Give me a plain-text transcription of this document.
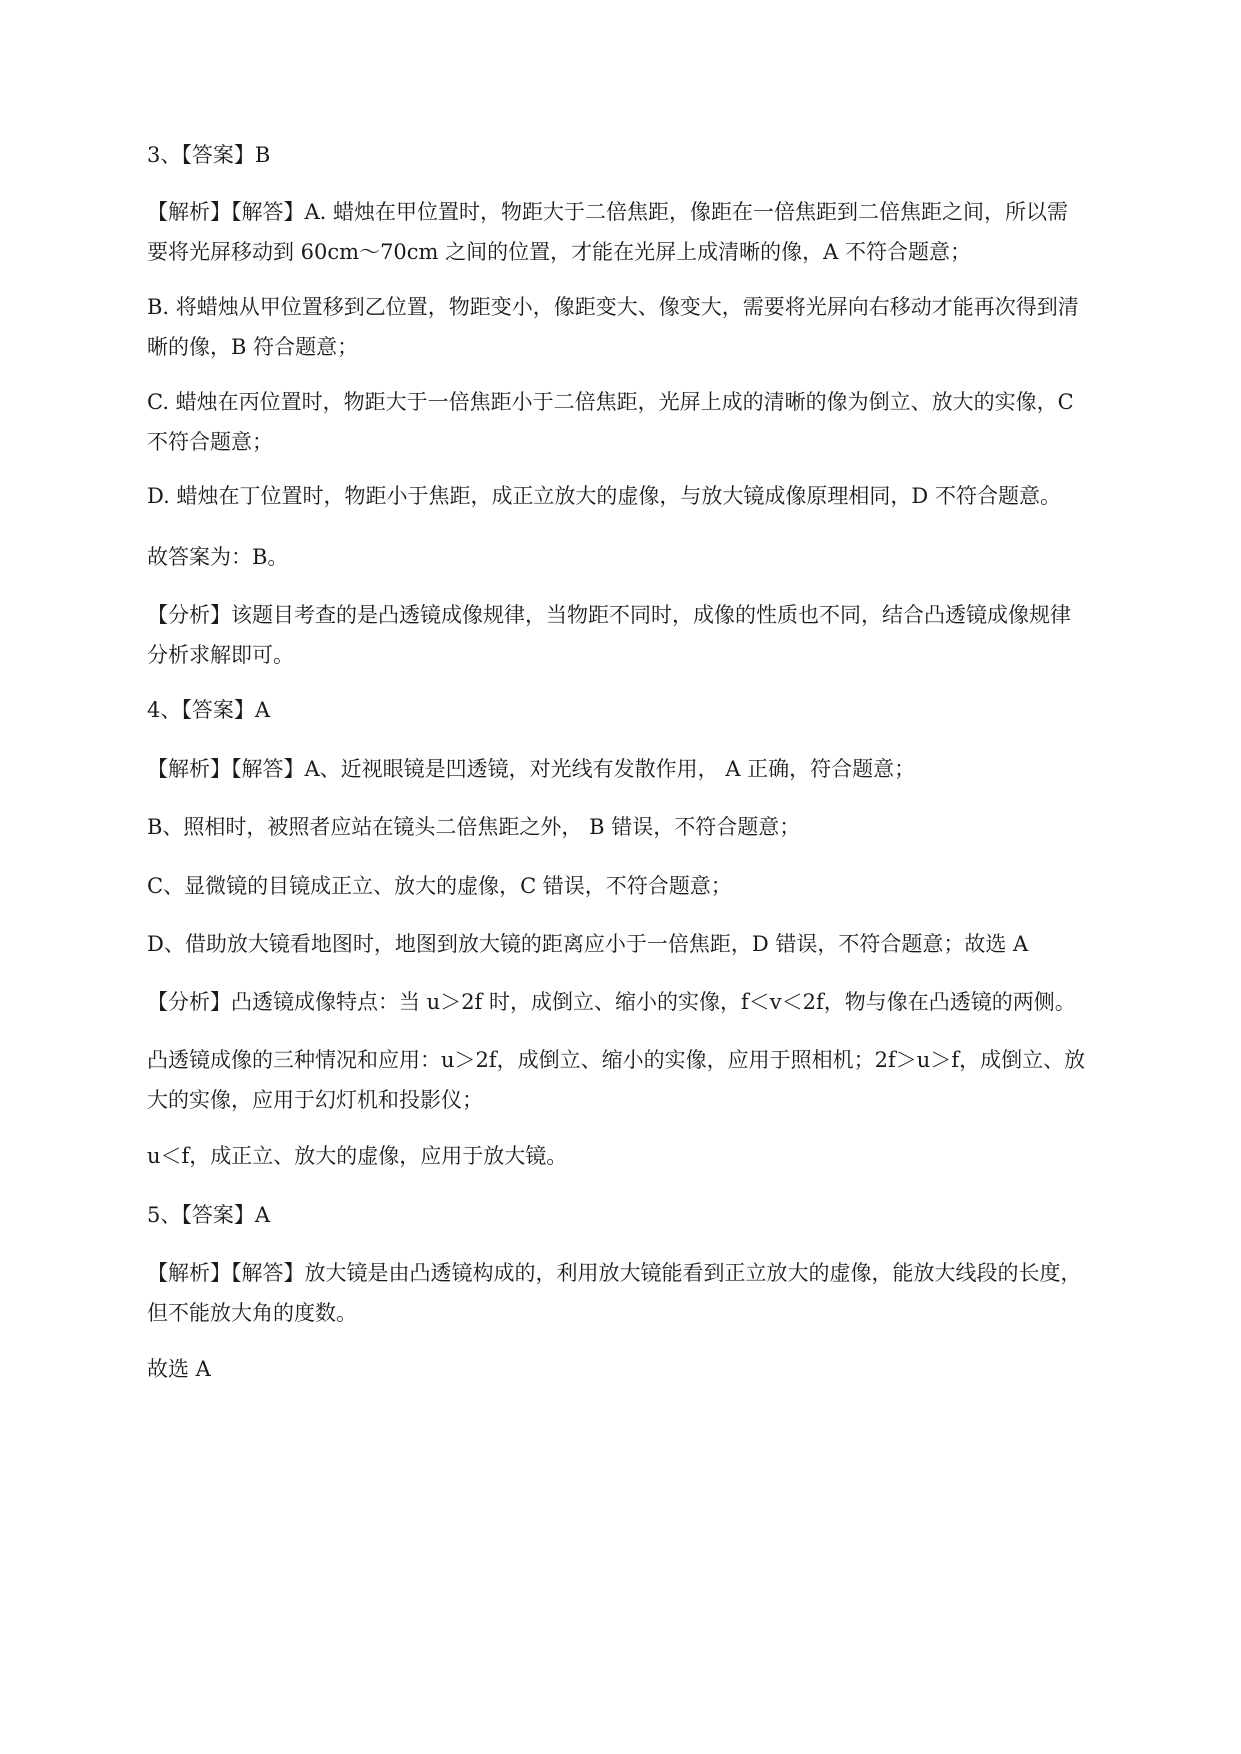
3、【答案】B

【解析】【解答】A. 蜡烛在甲位置时，物距大于二倍焦距，像距在一倍焦距到二倍焦距之间，所以需
要将光屏移动到 60cm～70cm 之间的位置，才能在光屏上成清晰的像，A 不符合题意；

B. 将蜡烛从甲位置移到乙位置，物距变小，像距变大、像变大，需要将光屏向右移动才能再次得到清
晰的像，B 符合题意；

C. 蜡烛在丙位置时，物距大于一倍焦距小于二倍焦距，光屏上成的清晰的像为倒立、放大的实像，C
不符合题意；

D. 蜡烛在丁位置时，物距小于焦距，成正立放大的虚像，与放大镜成像原理相同，D 不符合题意。

故答案为：B。

【分析】该题目考查的是凸透镜成像规律，当物距不同时，成像的性质也不同，结合凸透镜成像规律
分析求解即可。

4、【答案】A

【解析】【解答】A、近视眼镜是凹透镜，对光线有发散作用， A 正确，符合题意；

B、照相时，被照者应站在镜头二倍焦距之外， B 错误，不符合题意；

C、显微镜的目镜成正立、放大的虚像，C 错误，不符合题意；

D、借助放大镜看地图时，地图到放大镜的距离应小于一倍焦距，D 错误，不符合题意；故选 A

【分析】凸透镜成像特点：当 u＞2f 时，成倒立、缩小的实像，f＜v＜2f，物与像在凸透镜的两侧。

凸透镜成像的三种情况和应用：u＞2f，成倒立、缩小的实像，应用于照相机；2f＞u＞f，成倒立、放
大的实像，应用于幻灯机和投影仪；

u＜f，成正立、放大的虚像，应用于放大镜。

5、【答案】A

【解析】【解答】放大镜是由凸透镜构成的，利用放大镜能看到正立放大的虚像，能放大线段的长度，
但不能放大角的度数。

故选 A
